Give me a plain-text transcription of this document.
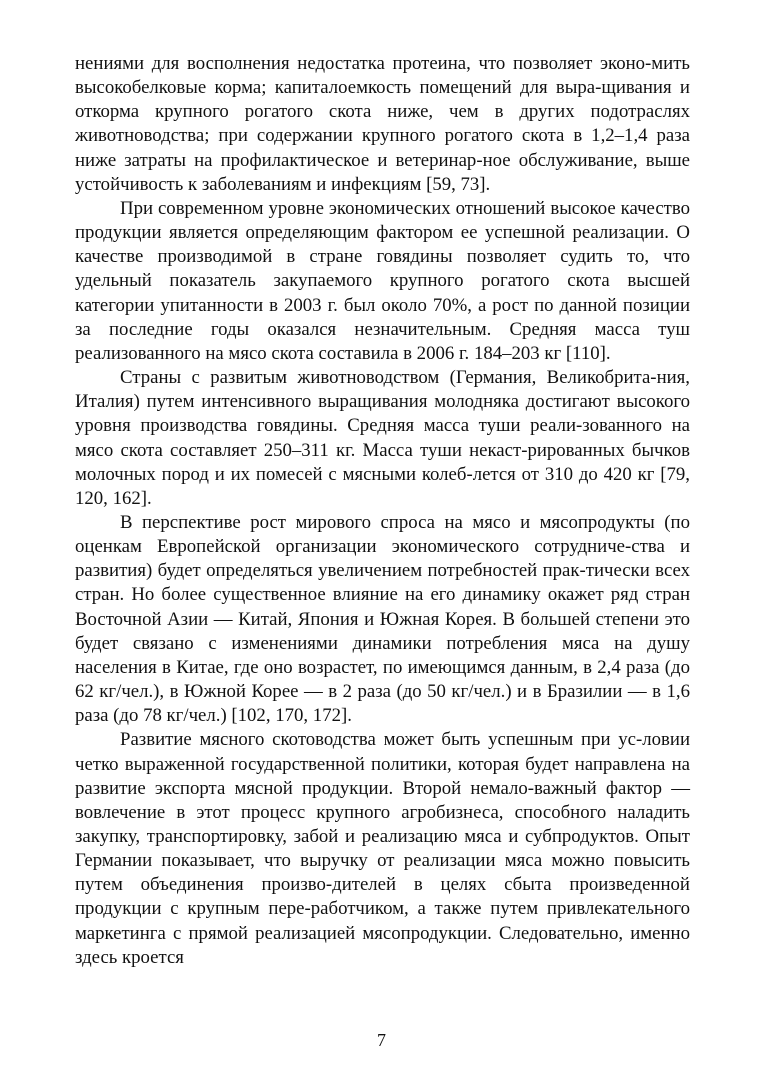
нениями для восполнения недостатка протеина, что позволяет эконо-мить высокобелковые корма; капиталоемкость помещений для выра-щивания и откорма крупного рогатого скота ниже, чем в других подотраслях животноводства; при содержании крупного рогатого скота в 1,2–1,4 раза ниже затраты на профилактическое и ветеринар-ное обслуживание, выше устойчивость к заболеваниям и инфекциям [59, 73].

При современном уровне экономических отношений высокое качество продукции является определяющим фактором ее успешной реализации. О качестве производимой в стране говядины позволяет судить то, что удельный показатель закупаемого крупного рогатого скота высшей категории упитанности в 2003 г. был около 70%, а рост по данной позиции за последние годы оказался незначительным. Средняя масса туш реализованного на мясо скота составила в 2006 г. 184–203 кг [110].

Страны с развитым животноводством (Германия, Великобрита-ния, Италия) путем интенсивного выращивания молодняка достигают высокого уровня производства говядины. Средняя масса туши реали-зованного на мясо скота составляет 250–311 кг. Масса туши некаст-рированных бычков молочных пород и их помесей с мясными колеб-лется от 310 до 420 кг [79, 120, 162].

В перспективе рост мирового спроса на мясо и мясопродукты (по оценкам Европейской организации экономического сотрудниче-ства и развития) будет определяться увеличением потребностей прак-тически всех стран. Но более существенное влияние на его динамику окажет ряд стран Восточной Азии — Китай, Япония и Южная Корея. В большей степени это будет связано с изменениями динамики потребления мяса на душу населения в Китае, где оно возрастет, по имеющимся данным, в 2,4 раза (до 62 кг/чел.), в Южной Корее — в 2 раза (до 50 кг/чел.) и в Бразилии — в 1,6 раза (до 78 кг/чел.) [102, 170, 172].

Развитие мясного скотоводства может быть успешным при ус-ловии четко выраженной государственной политики, которая будет направлена на развитие экспорта мясной продукции. Второй немало-важный фактор — вовлечение в этот процесс крупного агробизнеса, способного наладить закупку, транспортировку, забой и реализацию мяса и субпродуктов. Опыт Германии показывает, что выручку от реализации мяса можно повысить путем объединения произво-дителей в целях сбыта произведенной продукции с крупным пере-работчиком, а также путем привлекательного маркетинга с прямой реализацией мясопродукции. Следовательно, именно здесь кроется

7
